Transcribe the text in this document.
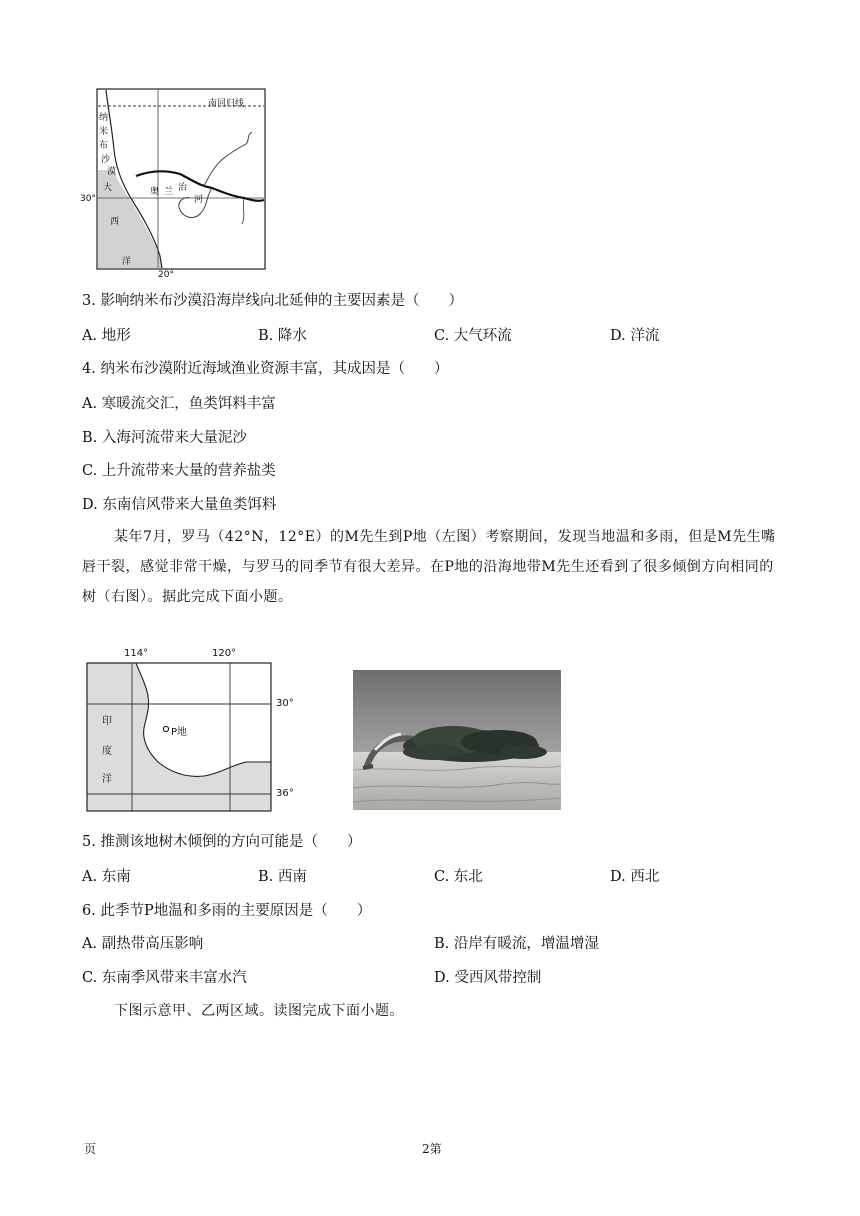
南回归线
纳
米
布
沙
漠
大
西
洋
奥 兰 治
河
30°
20°
3. 影响纳米布沙漠沿海岸线向北延伸的主要因素是（　　）
A. 地形	B. 降水	C. 大气环流	D. 洋流
4. 纳米布沙漠附近海域渔业资源丰富，其成因是（　　）
A. 寒暖流交汇，鱼类饵料丰富
B. 入海河流带来大量泥沙
C. 上升流带来大量的营养盐类
D. 东南信风带来大量鱼类饵料
某年7月，罗马（42°N，12°E）的M先生到P地（左图）考察期间，发现当地温和多雨，但是M先生嘴唇干裂，感觉非常干燥，与罗马的同季节有很大差异。在P地的沿海地带M先生还看到了很多倾倒方向相同的树（右图）。据此完成下面小题。
114°	120°
30°
36°
P地
印
度
洋
5. 推测该地树木倾倒的方向可能是（　　）
A. 东南	B. 西南	C. 东北	D. 西北
6. 此季节P地温和多雨的主要原因是（　　）
A. 副热带高压影响	B. 沿岸有暖流，增温增湿
C. 东南季风带来丰富水汽	D. 受西风带控制
下图示意甲、乙两区域。读图完成下面小题。
页	2第
